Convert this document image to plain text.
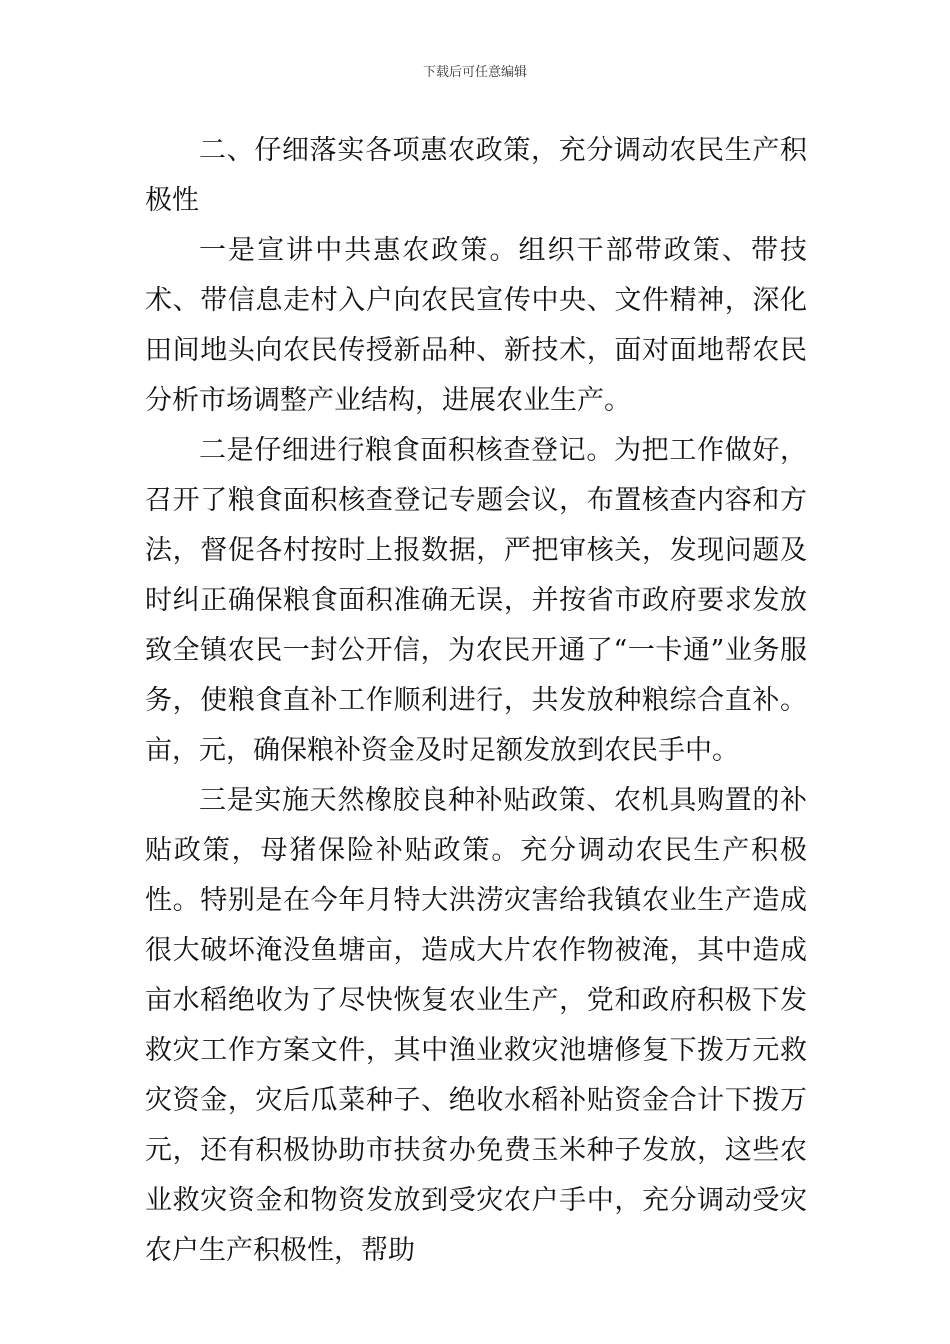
下载后可任意编辑

二、仔细落实各项惠农政策，充分调动农民生产积极性

一是宣讲中共惠农政策。组织干部带政策、带技术、带信息走村入户向农民宣传中央、文件精神，深化田间地头向农民传授新品种、新技术，面对面地帮农民分析市场调整产业结构，进展农业生产。

二是仔细进行粮食面积核查登记。为把工作做好，召开了粮食面积核查登记专题会议，布置核查内容和方法，督促各村按时上报数据，严把审核关，发现问题及时纠正确保粮食面积准确无误，并按省市政府要求发放致全镇农民一封公开信，为农民开通了“一卡通”业务服务，使粮食直补工作顺利进行，共发放种粮综合直补。亩，元，确保粮补资金及时足额发放到农民手中。

三是实施天然橡胶良种补贴政策、农机具购置的补贴政策，母猪保险补贴政策。充分调动农民生产积极性。特别是在今年月特大洪涝灾害给我镇农业生产造成很大破坏淹没鱼塘亩，造成大片农作物被淹，其中造成亩水稻绝收为了尽快恢复农业生产，党和政府积极下发救灾工作方案文件，其中渔业救灾池塘修复下拨万元救灾资金，灾后瓜菜种子、绝收水稻补贴资金合计下拨万元，还有积极协助市扶贫办免费玉米种子发放，这些农业救灾资金和物资发放到受灾农户手中，充分调动受灾农户生产积极性，帮助
